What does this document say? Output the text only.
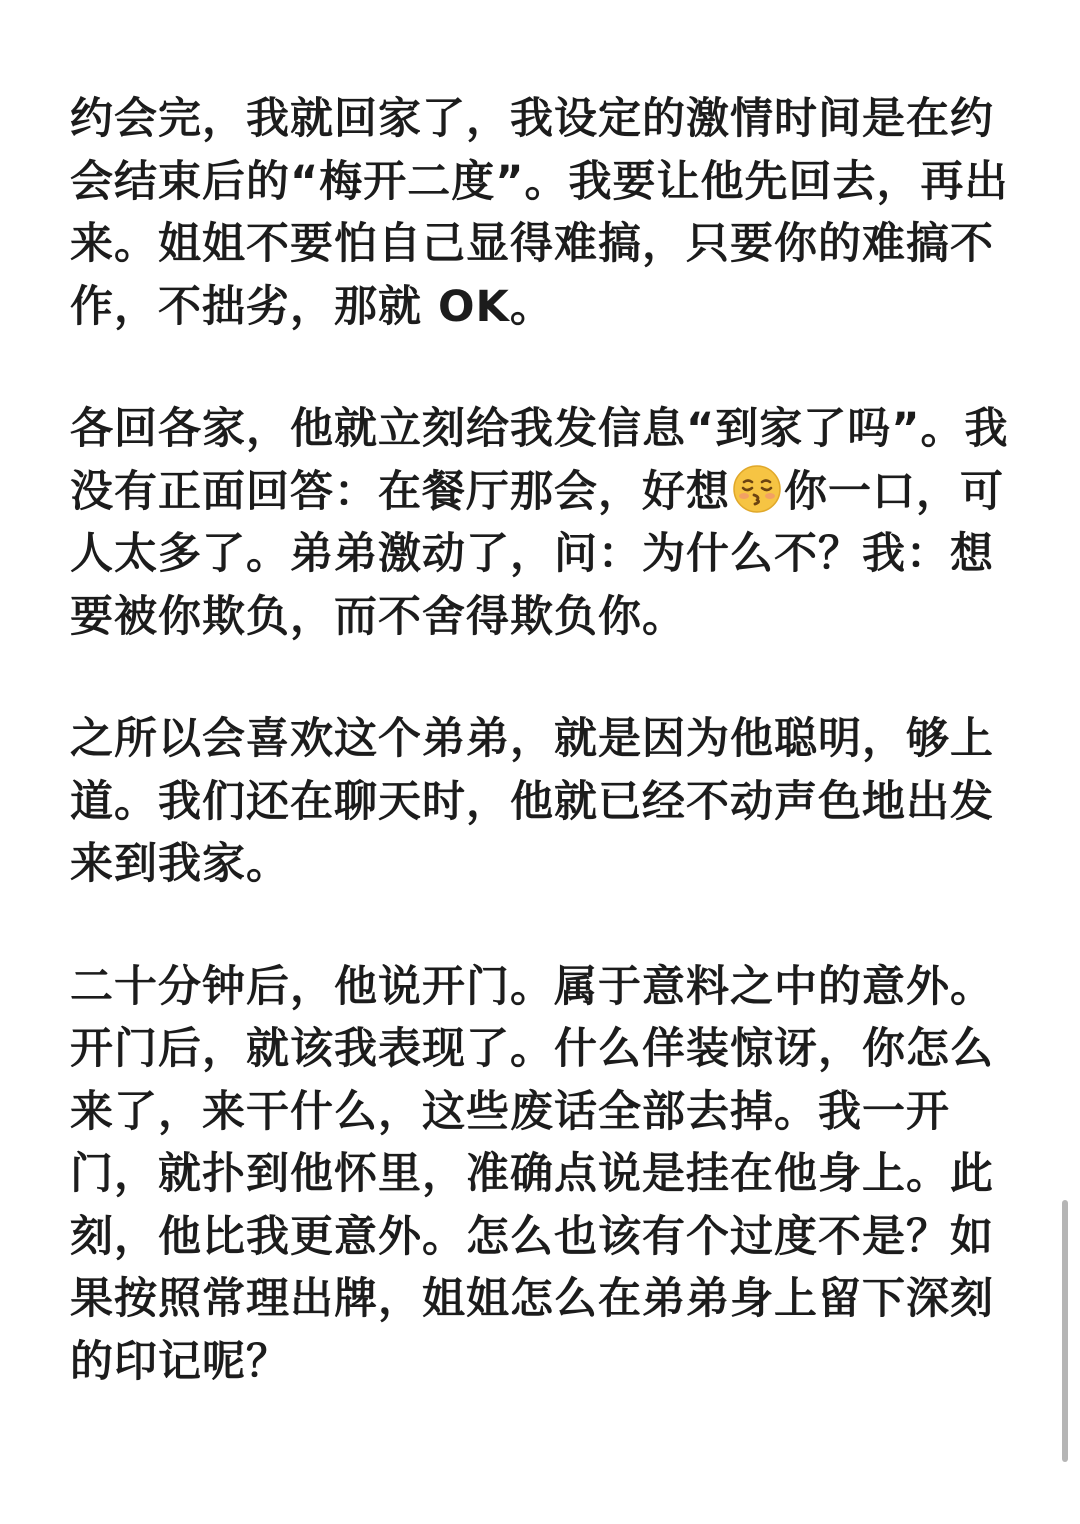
约会完，我就回家了，我设定的激情时间是在约
会结束后的“梅开二度”。我要让他先回去，再出
来。姐姐不要怕自己显得难搞，只要你的难搞不
作，不拙劣，那就 OK。

各回各家，他就立刻给我发信息“到家了吗”。我
没有正面回答：在餐厅那会，好想 你一口，可
人太多了。弟弟激动了，问：为什么不？我：想
要被你欺负，而不舍得欺负你。

之所以会喜欢这个弟弟，就是因为他聪明，够上
道。我们还在聊天时，他就已经不动声色地出发
来到我家。

二十分钟后，他说开门。属于意料之中的意外。
开门后，就该我表现了。什么佯装惊讶，你怎么
来了，来干什么，这些废话全部去掉。我一开
门，就扑到他怀里，准确点说是挂在他身上。此
刻，他比我更意外。怎么也该有个过度不是？如
果按照常理出牌，姐姐怎么在弟弟身上留下深刻
的印记呢？
